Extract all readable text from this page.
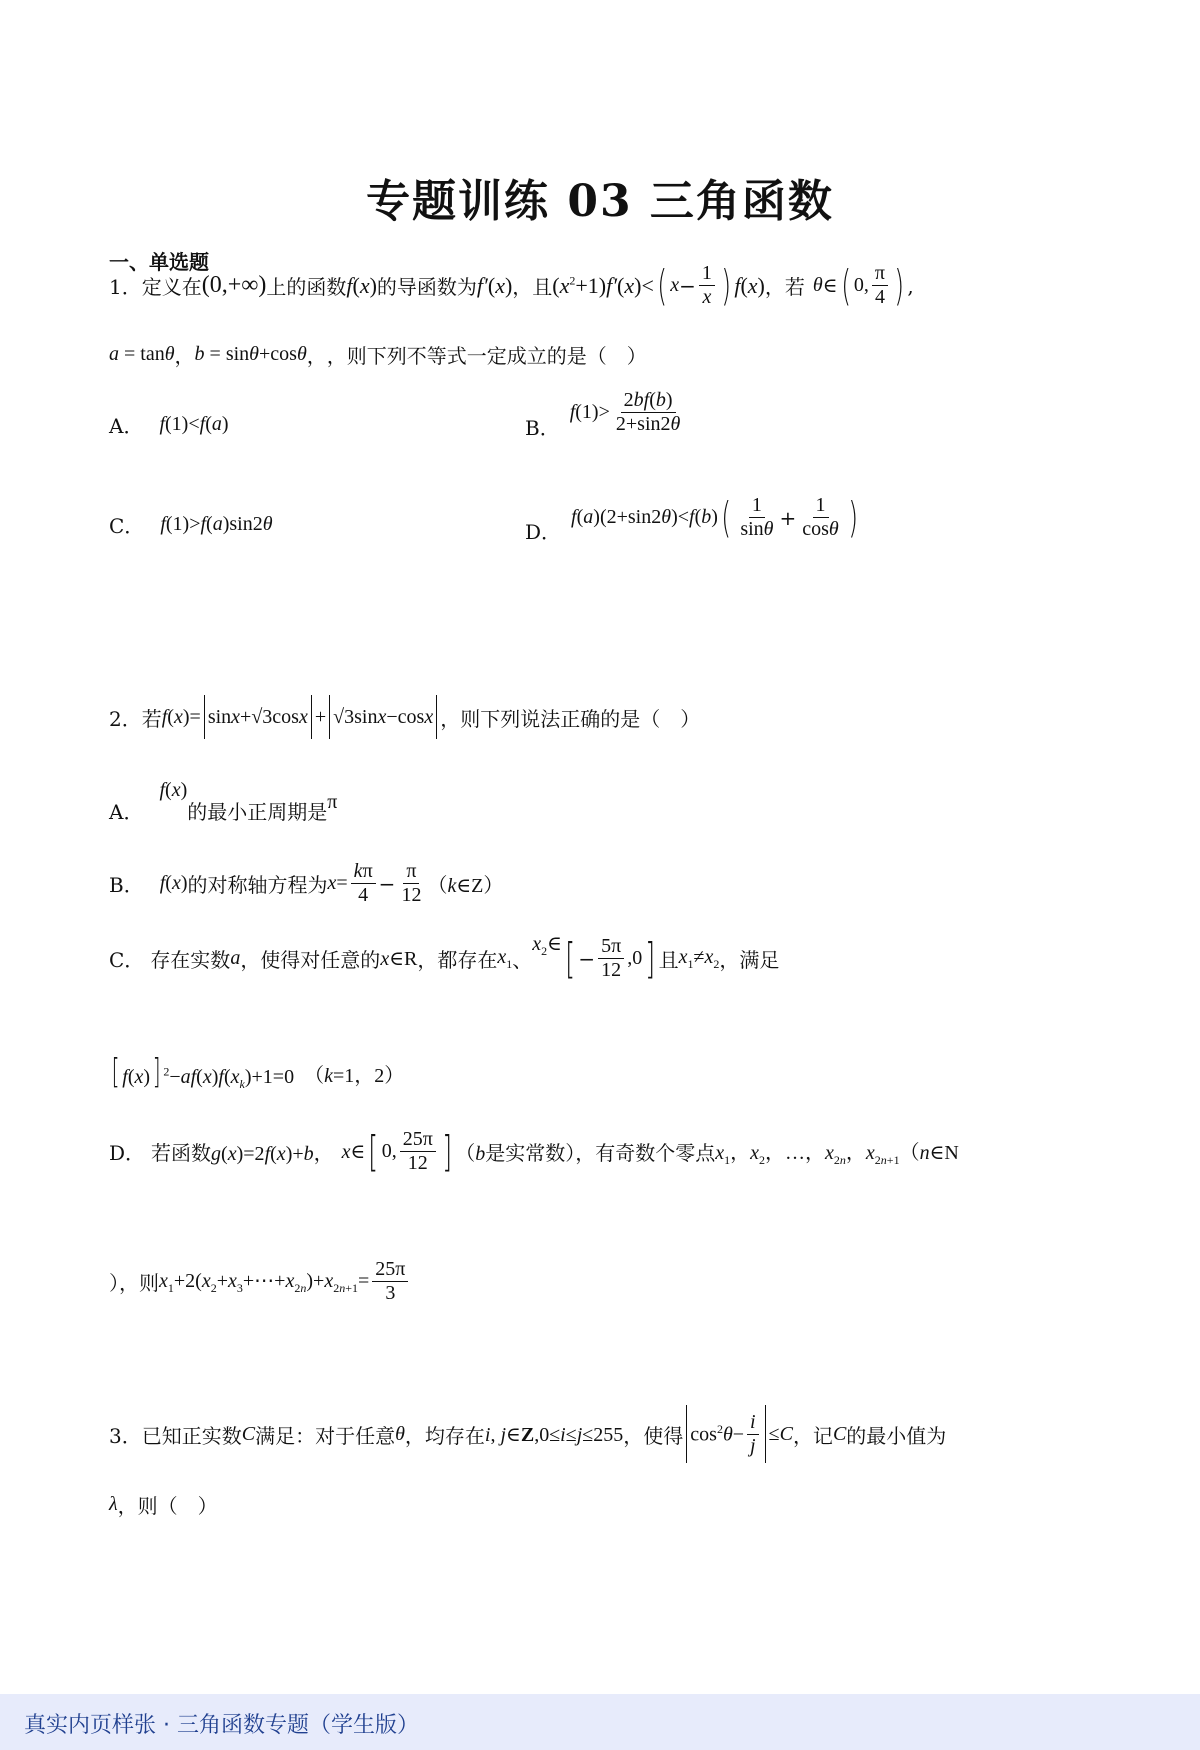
专题训练 03 三角函数
一、单选题
1． 定义在 (0,+∞) 上的函数 f ( x ) 的导函数为 f′ ( x ) ，且 $(x^2+1)f'(x)<$ ( $x - \frac{1}{x}$ ) f (x) ，若 θ ∈ ( 0, $\frac{\pi}{4}$ ) ,
a = tan θ ， b = sin θ +cos θ ， ，则下列不等式一定成立的是（　）
A． f(1)<f(a)	B．
$f(1)> \frac{2bf(b)}{2+\sin 2\theta}$
C． f(1)>f(a)sin2θ	D．
f(a)(2+sin2θ)<f(b) ( $\frac{1}{\sin\theta} + \frac{1}{\cos\theta}$ )
2． 若 f(x)= sinx+√3cosx + √3sinx−cosx ，则下列说法正确的是（　）
A．
f(x)
的最小正周期是 π
B． f(x) 的对称轴方程为 $x= \frac{k\pi}{4} - \frac{\pi}{12}$ （k∈Z）
C． 存在实数 a ，使得对任意的 x∈R ，都存在 $x_1$ 、
$x_2\in$ [ − $\frac{5\pi}{12} ,0$ ] 且 $x_1\ne x_2$ ，满足
[ f(x)] $^2-af(x)f(x_k)+1=0$ （k=1，2）
D． 若函数 g(x)=2f(x)+b， x∈ [ 0, $\frac{25\pi}{12}$ ] （b 是实常数），有奇数个零点 $x_1$，$x_2$，…，$x_{2n}$，$x_{2n+1}(n\in N$
），则 $x_1+2(x_2+x_3+\cdots+x_{2n})+x_{2n+1}= \frac{25\pi}{3}$
3． 已知正实数 C 满足：对于任意 θ ，均存在 i, j∈Z,0≤i≤j≤255 ，使得 $\cos^2\theta- \frac{i}{j} \le C$ ，记 C 的最小值为
λ ，则（　）
真实内页样张 · 三角函数专题（学生版）
